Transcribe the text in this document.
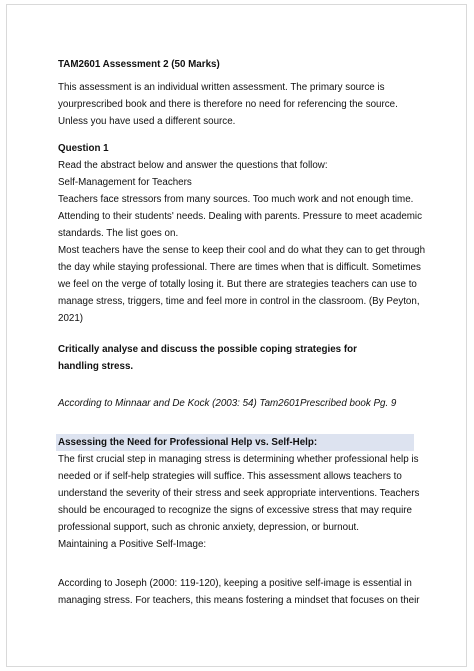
TAM2601 Assessment 2 (50 Marks)
This assessment is an individual written assessment. The primary source is
yourprescribed book and there is therefore no need for referencing the source.
Unless you have used a different source.
Question 1
Read the abstract below and answer the questions that follow:
Self-Management for Teachers
Teachers face stressors from many sources. Too much work and not enough time.
Attending to their students' needs. Dealing with parents. Pressure to meet academic
standards. The list goes on.
Most teachers have the sense to keep their cool and do what they can to get through
the day while staying professional. There are times when that is difficult. Sometimes
we feel on the verge of totally losing it. But there are strategies teachers can use to
manage stress, triggers, time and feel more in control in the classroom. (By Peyton,
2021)
Critically analyse and discuss the possible coping strategies for
handling stress.
According to Minnaar and De Kock (2003: 54) Tam2601Prescribed book Pg. 9
Assessing the Need for Professional Help vs. Self-Help:
The first crucial step in managing stress is determining whether professional help is
needed or if self-help strategies will suffice. This assessment allows teachers to
understand the severity of their stress and seek appropriate interventions. Teachers
should be encouraged to recognize the signs of excessive stress that may require
professional support, such as chronic anxiety, depression, or burnout.
Maintaining a Positive Self-Image:
According to Joseph (2000: 119-120), keeping a positive self-image is essential in
managing stress. For teachers, this means fostering a mindset that focuses on their
